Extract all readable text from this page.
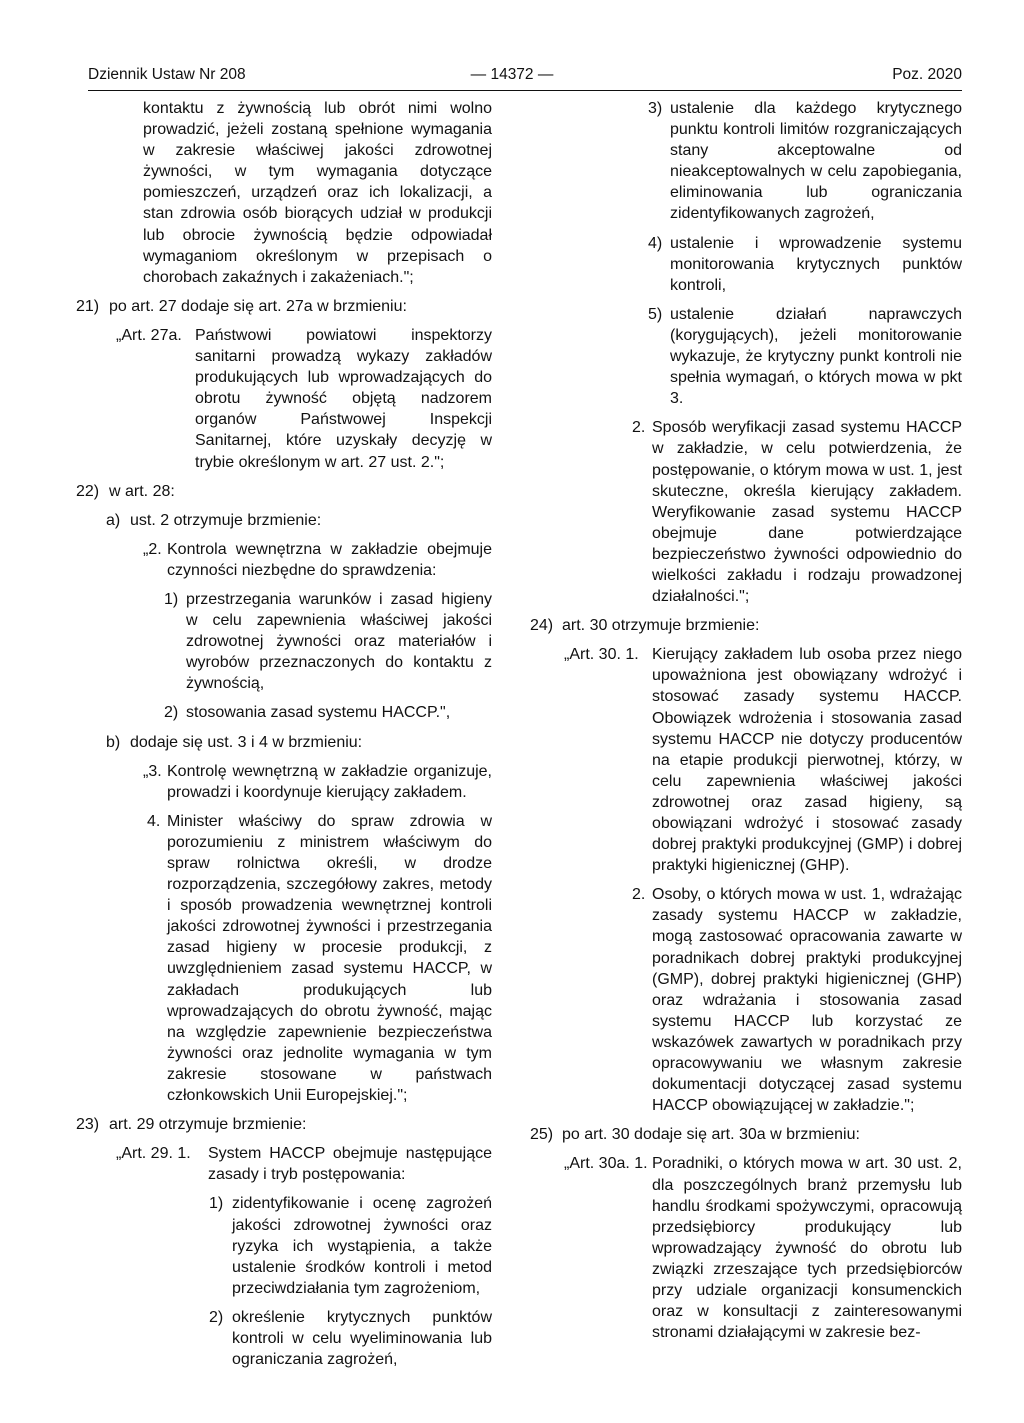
Dziennik Ustaw Nr 208	— 14372 —	Poz. 2020
kontaktu z żywnością lub obrót nimi wolno prowadzić, jeżeli zostaną spełnione wymagania w zakresie właściwej jakości zdrowotnej żywności, w tym wymagania dotyczące pomieszczeń, urządzeń oraz ich lokalizacji, a stan zdrowia osób biorących udział w produkcji lub obrocie żywnością będzie odpowiadał wymaganiom określonym w przepisach o chorobach zakaźnych i zakażeniach.";
21) po art. 27 dodaje się art. 27a w brzmieniu:
„Art. 27a. Państwowi powiatowi inspektorzy sanitarni prowadzą wykazy zakładów produkujących lub wprowadzających do obrotu żywność objętą nadzorem organów Państwowej Inspekcji Sanitarnej, które uzyskały decyzję w trybie określonym w art. 27 ust. 2.";
22) w art. 28:
a) ust. 2 otrzymuje brzmienie:
„2. Kontrola wewnętrzna w zakładzie obejmuje czynności niezbędne do sprawdzenia:
1) przestrzegania warunków i zasad higieny w celu zapewnienia właściwej jakości zdrowotnej żywności oraz materiałów i wyrobów przeznaczonych do kontaktu z żywnością,
2) stosowania zasad systemu HACCP.",
b) dodaje się ust. 3 i 4 w brzmieniu:
„3. Kontrolę wewnętrzną w zakładzie organizuje, prowadzi i koordynuje kierujący zakładem.
4. Minister właściwy do spraw zdrowia w porozumieniu z ministrem właściwym do spraw rolnictwa określi, w drodze rozporządzenia, szczegółowy zakres, metody i sposób prowadzenia wewnętrznej kontroli jakości zdrowotnej żywności i przestrzegania zasad higieny w procesie produkcji, z uwzględnieniem zasad systemu HACCP, w zakładach produkujących lub wprowadzających do obrotu żywność, mając na względzie zapewnienie bezpieczeństwa żywności oraz jednolite wymagania w tym zakresie stosowane w państwach członkowskich Unii Europejskiej.";
23) art. 29 otrzymuje brzmienie:
„Art. 29. 1. System HACCP obejmuje następujące zasady i tryb postępowania:
1) zidentyfikowanie i ocenę zagrożeń jakości zdrowotnej żywności oraz ryzyka ich wystąpienia, a także ustalenie środków kontroli i metod przeciwdziałania tym zagrożeniom,
2) określenie krytycznych punktów kontroli w celu wyeliminowania lub ograniczania zagrożeń,
3) ustalenie dla każdego krytycznego punktu kontroli limitów rozgraniczających stany akceptowalne od nieakceptowalnych w celu zapobiegania, eliminowania lub ograniczania zidentyfikowanych zagrożeń,
4) ustalenie i wprowadzenie systemu monitorowania krytycznych punktów kontroli,
5) ustalenie działań naprawczych (korygujących), jeżeli monitorowanie wykazuje, że krytyczny punkt kontroli nie spełnia wymagań, o których mowa w pkt 3.
2. Sposób weryfikacji zasad systemu HACCP w zakładzie, w celu potwierdzenia, że postępowanie, o którym mowa w ust. 1, jest skuteczne, określa kierujący zakładem. Weryfikowanie zasad systemu HACCP obejmuje dane potwierdzające bezpieczeństwo żywności odpowiednio do wielkości zakładu i rodzaju prowadzonej działalności.";
24) art. 30 otrzymuje brzmienie:
„Art. 30. 1. Kierujący zakładem lub osoba przez niego upoważniona jest obowiązany wdrożyć i stosować zasady systemu HACCP. Obowiązek wdrożenia i stosowania zasad systemu HACCP nie dotyczy producentów na etapie produkcji pierwotnej, którzy, w celu zapewnienia właściwej jakości zdrowotnej oraz zasad higieny, są obowiązani wdrożyć i stosować zasady dobrej praktyki produkcyjnej (GMP) i dobrej praktyki higienicznej (GHP).
2. Osoby, o których mowa w ust. 1, wdrażając zasady systemu HACCP w zakładzie, mogą zastosować opracowania zawarte w poradnikach dobrej praktyki produkcyjnej (GMP), dobrej praktyki higienicznej (GHP) oraz wdrażania i stosowania zasad systemu HACCP lub korzystać ze wskazówek zawartych w poradnikach przy opracowywaniu we własnym zakresie dokumentacji dotyczącej zasad systemu HACCP obowiązującej w zakładzie.";
25) po art. 30 dodaje się art. 30a w brzmieniu:
„Art. 30a. 1. Poradniki, o których mowa w art. 30 ust. 2, dla poszczególnych branż przemysłu lub handlu środkami spożywczymi, opracowują przedsiębiorcy produkujący lub wprowadzający żywność do obrotu lub związki zrzeszające tych przedsiębiorców przy udziale organizacji konsumenckich oraz w konsultacji z zainteresowanymi stronami działającymi w zakresie bez-
